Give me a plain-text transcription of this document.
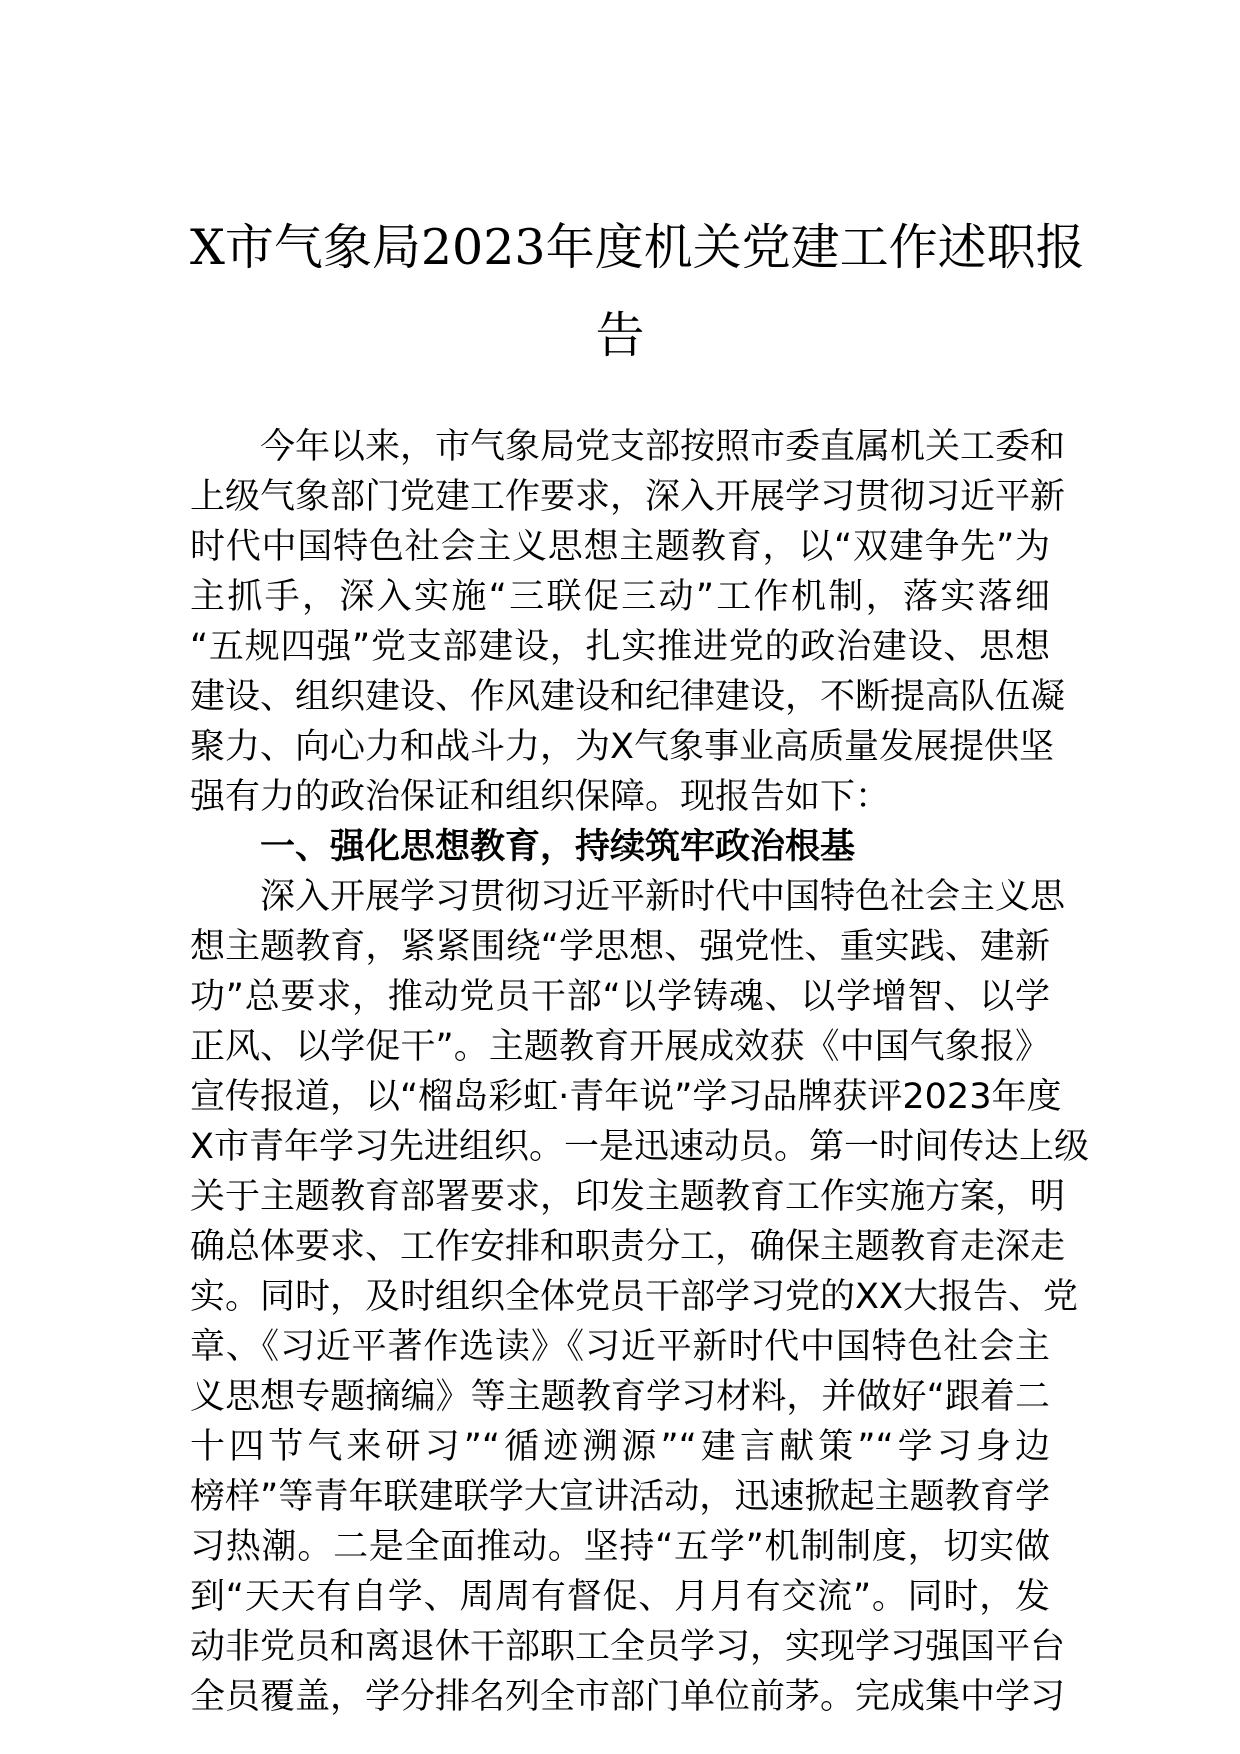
X市气象局2023年度机关党建工作述职报
告
今年以来，市气象局党支部按照市委直属机关工委和
上级气象部门党建工作要求，深入开展学习贯彻习近平新
时代中国特色社会主义思想主题教育，以“双建争先”为
主抓手，深入实施“三联促三动”工作机制，落实落细
“五规四强”党支部建设，扎实推进党的政治建设、思想
建设、组织建设、作风建设和纪律建设，不断提高队伍凝
聚力、向心力和战斗力，为X气象事业高质量发展提供坚
强有力的政治保证和组织保障。现报告如下：
一、强化思想教育，持续筑牢政治根基
深入开展学习贯彻习近平新时代中国特色社会主义思
想主题教育，紧紧围绕“学思想、强党性、重实践、建新
功”总要求，推动党员干部“以学铸魂、以学增智、以学
正风、以学促干”。主题教育开展成效获《中国气象报》
宣传报道，以“榴岛彩虹·青年说”学习品牌获评2023年度
X市青年学习先进组织。一是迅速动员。第一时间传达上级
关于主题教育部署要求，印发主题教育工作实施方案，明
确总体要求、工作安排和职责分工，确保主题教育走深走
实。同时，及时组织全体党员干部学习党的XX大报告、党
章、《习近平著作选读》《习近平新时代中国特色社会主
义思想专题摘编》等主题教育学习材料，并做好“跟着二
十四节气来研习”“循迹溯源”“建言献策”“学习身边
榜样”等青年联建联学大宣讲活动，迅速掀起主题教育学
习热潮。二是全面推动。坚持“五学”机制制度，切实做
到“天天有自学、周周有督促、月月有交流”。同时，发
动非党员和离退休干部职工全员学习，实现学习强国平台
全员覆盖，学分排名列全市部门单位前茅。完成集中学习
